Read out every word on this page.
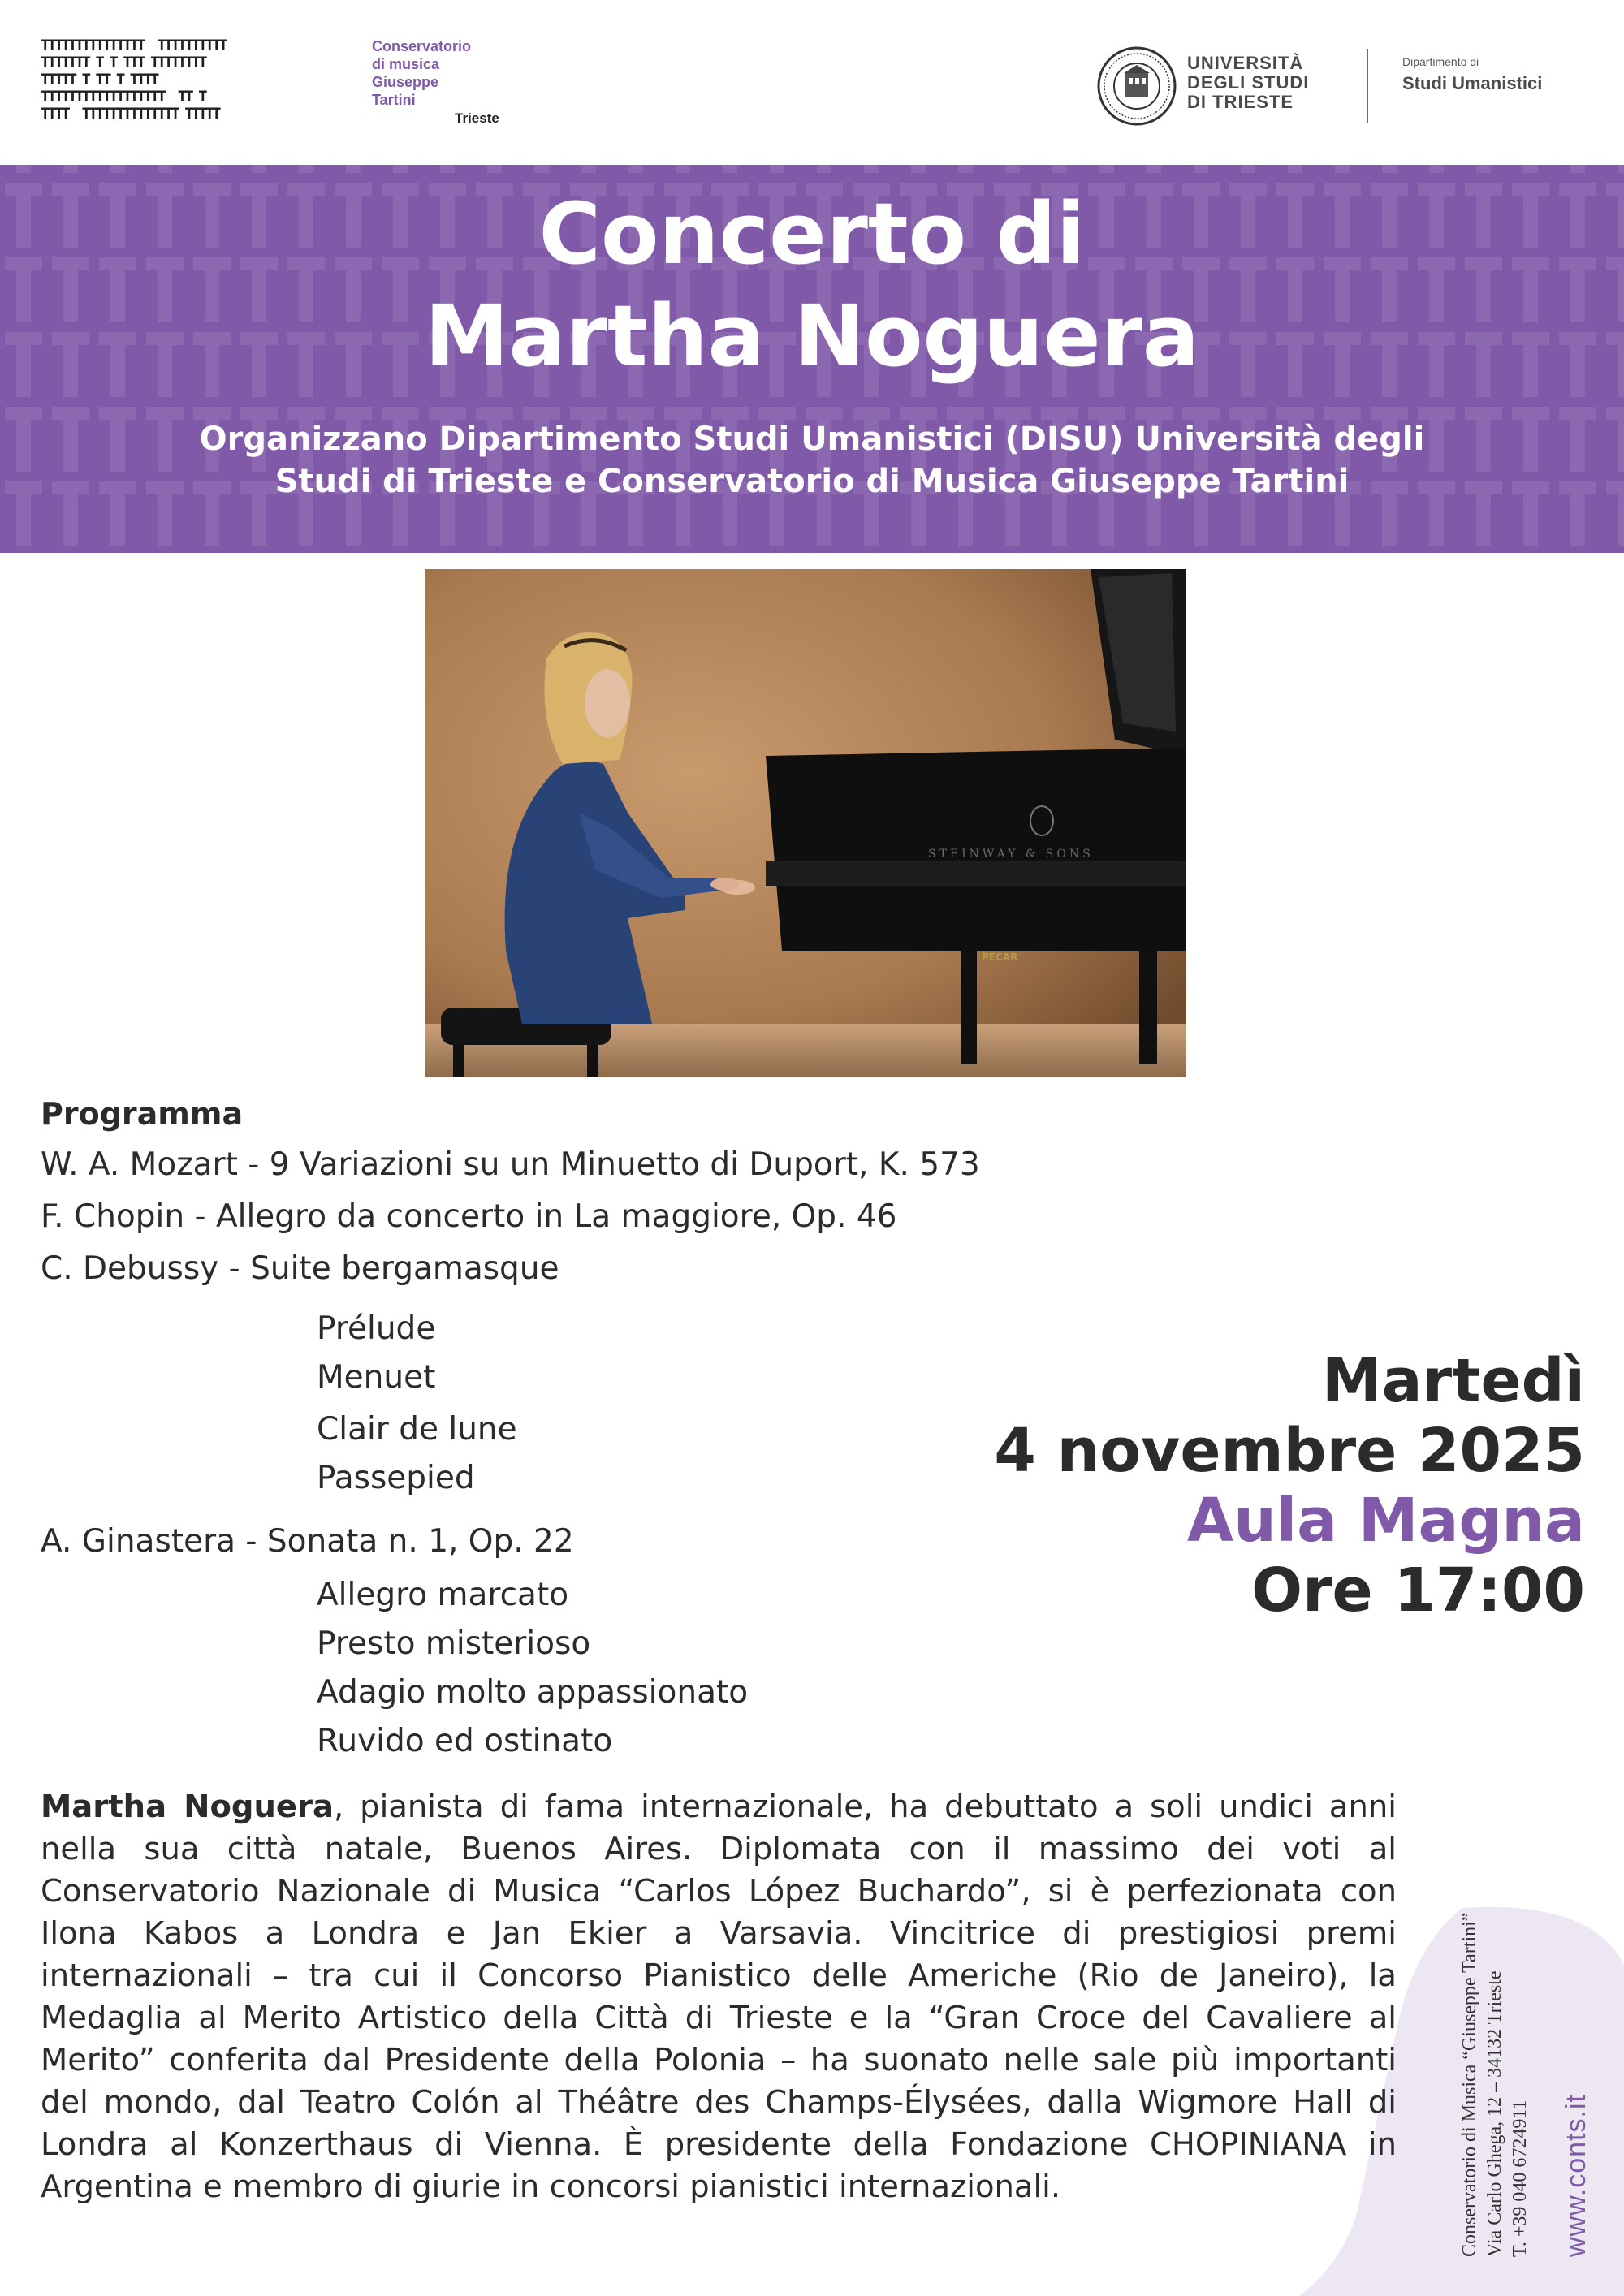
TTTTTTTTTTTTTTT  TTTTTTTTTT
TTTTTTT T T TTT TTTTTTTT
TTTTT T TT T TTTT
TTTTTTTTTTTTTTTTTT  TT T
TTTT  TTTTTTTTTTTTTT TTTTT
Conservatorio
di musica
Giuseppe
Tartini
Trieste
UNIVERSITÀ
DEGLI STUDI
DI TRIESTE
Dipartimento di
Studi Umanistici
Concerto di
Martha Noguera
Organizzano Dipartimento Studi Umanistici (DISU) Università degli
Studi di Trieste e Conservatorio di Musica Giuseppe Tartini
STEINWAY & SONS
PECAR
Programma
W. A. Mozart - 9 Variazioni su un Minuetto di Duport, K. 573
F. Chopin - Allegro da concerto in La maggiore, Op. 46
C. Debussy - Suite bergamasque
Prélude
Menuet
Clair de lune
Passepied
A. Ginastera - Sonata n. 1, Op. 22
Allegro marcato
Presto misterioso
Adagio molto appassionato
Ruvido ed ostinato
Martedì
4 novembre 2025
Aula Magna
Ore 17:00

Martha Noguera, pianista di fama internazionale, ha debuttato a soli undici anni nella sua città natale, Buenos Aires. Diplomata con il massimo dei voti al Conservatorio Nazionale di Musica “Carlos López Buchardo”, si è perfezionata con Ilona Kabos a Londra e Jan Ekier a Varsavia. Vincitrice di prestigiosi premi internazionali – tra cui il Concorso Pianistico delle Americhe (Rio de Janeiro), la Medaglia al Merito Artistico della Città di Trieste e la “Gran Croce del Cavaliere al Merito” conferita dal Presidente della Polonia – ha suonato nelle sale più importanti del mondo, dal Teatro Colón al Théâtre des Champs-Élysées, dalla Wigmore Hall di Londra al Konzerthaus di Vienna. È presidente della Fondazione CHOPINIANA in Argentina e membro di giurie in concorsi pianistici internazionali.	Conservatorio di Musica “Giuseppe Tartini” Via Carlo Ghega, 12 – 34132 Trieste T. +39 040 6724911 www.conts.it
